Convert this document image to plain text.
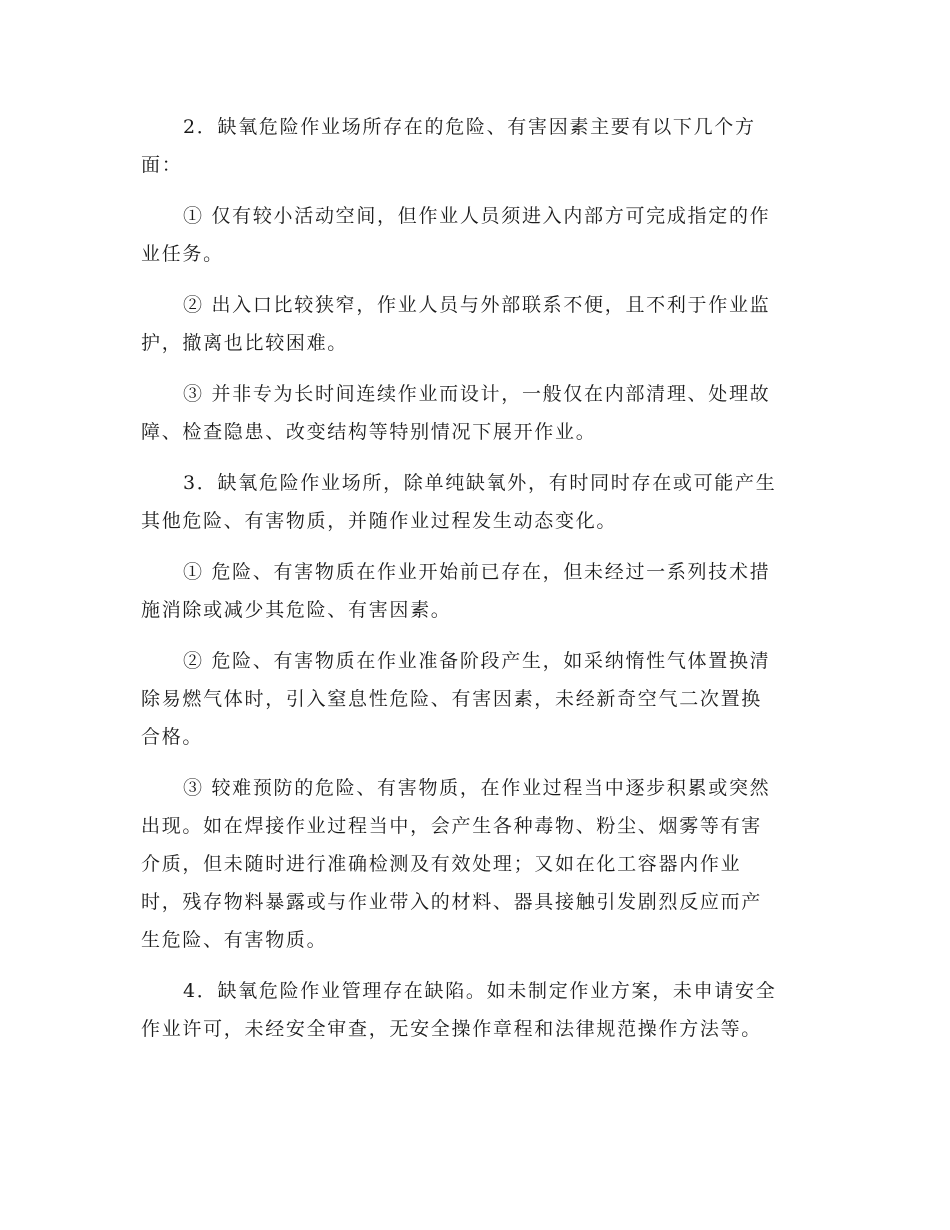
2．缺氧危险作业场所存在的危险、有害因素主要有以下几个方
面：
① 仅有较小活动空间，但作业人员须进入内部方可完成指定的作
业任务。
② 出入口比较狭窄，作业人员与外部联系不便，且不利于作业监
护，撤离也比较困难。
③ 并非专为长时间连续作业而设计，一般仅在内部清理、处理故
障、检查隐患、改变结构等特别情况下展开作业。
3．缺氧危险作业场所，除单纯缺氧外，有时同时存在或可能产生
其他危险、有害物质，并随作业过程发生动态变化。
① 危险、有害物质在作业开始前已存在，但未经过一系列技术措
施消除或减少其危险、有害因素。
② 危险、有害物质在作业准备阶段产生，如采纳惰性气体置换清
除易燃气体时，引入窒息性危险、有害因素，未经新奇空气二次置换
合格。
③ 较难预防的危险、有害物质，在作业过程当中逐步积累或突然
出现。如在焊接作业过程当中，会产生各种毒物、粉尘、烟雾等有害
介质，但未随时进行准确检测及有效处理；又如在化工容器内作业
时，残存物料暴露或与作业带入的材料、器具接触引发剧烈反应而产
生危险、有害物质。
4．缺氧危险作业管理存在缺陷。如未制定作业方案，未申请安全
作业许可，未经安全审查，无安全操作章程和法律规范操作方法等。
